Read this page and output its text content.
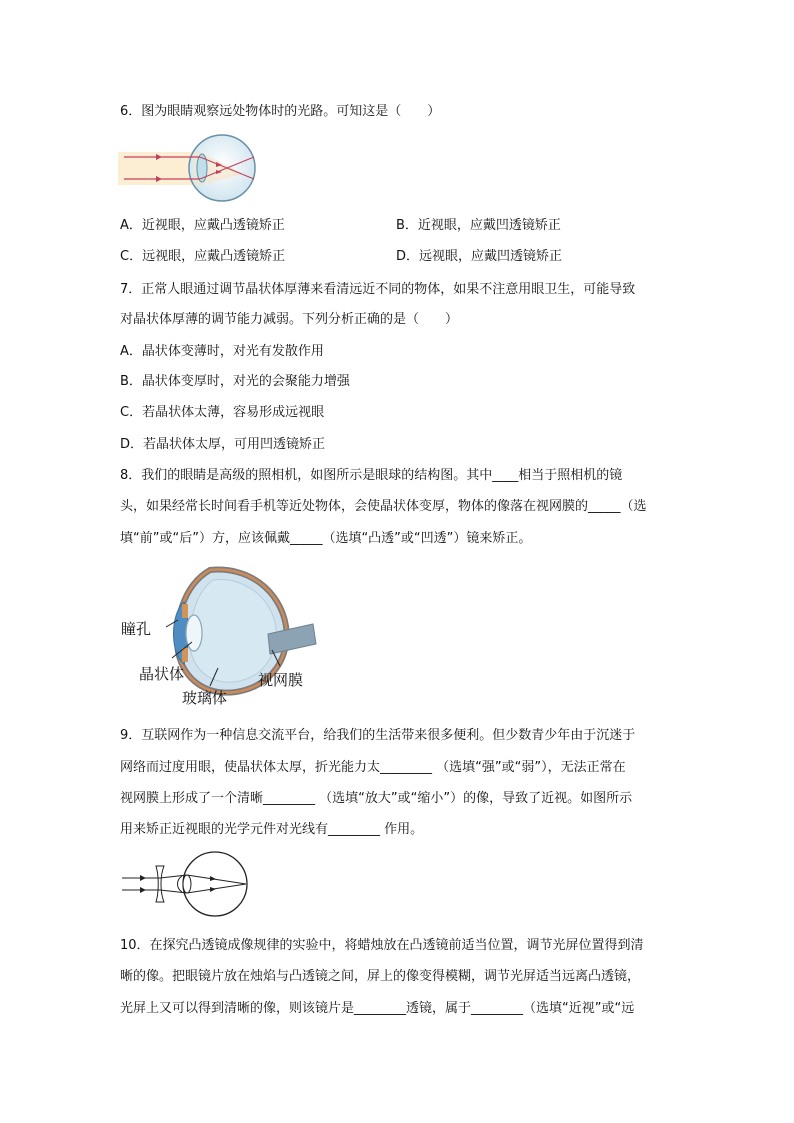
6．图为眼睛观察远处物体时的光路。可知这是（　　）
A．近视眼，应戴凸透镜矫正	B．近视眼，应戴凹透镜矫正
C．远视眼，应戴凸透镜矫正	D．远视眼，应戴凹透镜矫正
7．正常人眼通过调节晶状体厚薄来看清远近不同的物体，如果不注意用眼卫生，可能导致
对晶状体厚薄的调节能力减弱。下列分析正确的是（　　）
A．晶状体变薄时，对光有发散作用
B．晶状体变厚时，对光的会聚能力增强
C．若晶状体太薄，容易形成远视眼
D．若晶状体太厚，可用凹透镜矫正
8．我们的眼睛是高级的照相机，如图所示是眼球的结构图。其中____相当于照相机的镜
头，如果经常长时间看手机等近处物体，会使晶状体变厚，物体的像落在视网膜的_____（选
填“前”或“后”）方，应该佩戴_____（选填“凸透”或“凹透”）镜来矫正。
瞳孔
晶状体
玻璃体
视网膜
9．互联网作为一种信息交流平台，给我们的生活带来很多便利。但少数青少年由于沉迷于
网络而过度用眼，使晶状体太厚，折光能力太________ （选填“强”或“弱”），无法正常在
视网膜上形成了一个清晰________ （选填“放大”或“缩小”）的像，导致了近视。如图所示
用来矫正近视眼的光学元件对光线有________ 作用。
10．在探究凸透镜成像规律的实验中，将蜡烛放在凸透镜前适当位置，调节光屏位置得到清
晰的像。把眼镜片放在烛焰与凸透镜之间，屏上的像变得模糊，调节光屏适当远离凸透镜，
光屏上又可以得到清晰的像，则该镜片是________透镜，属于________（选填“近视”或“远
